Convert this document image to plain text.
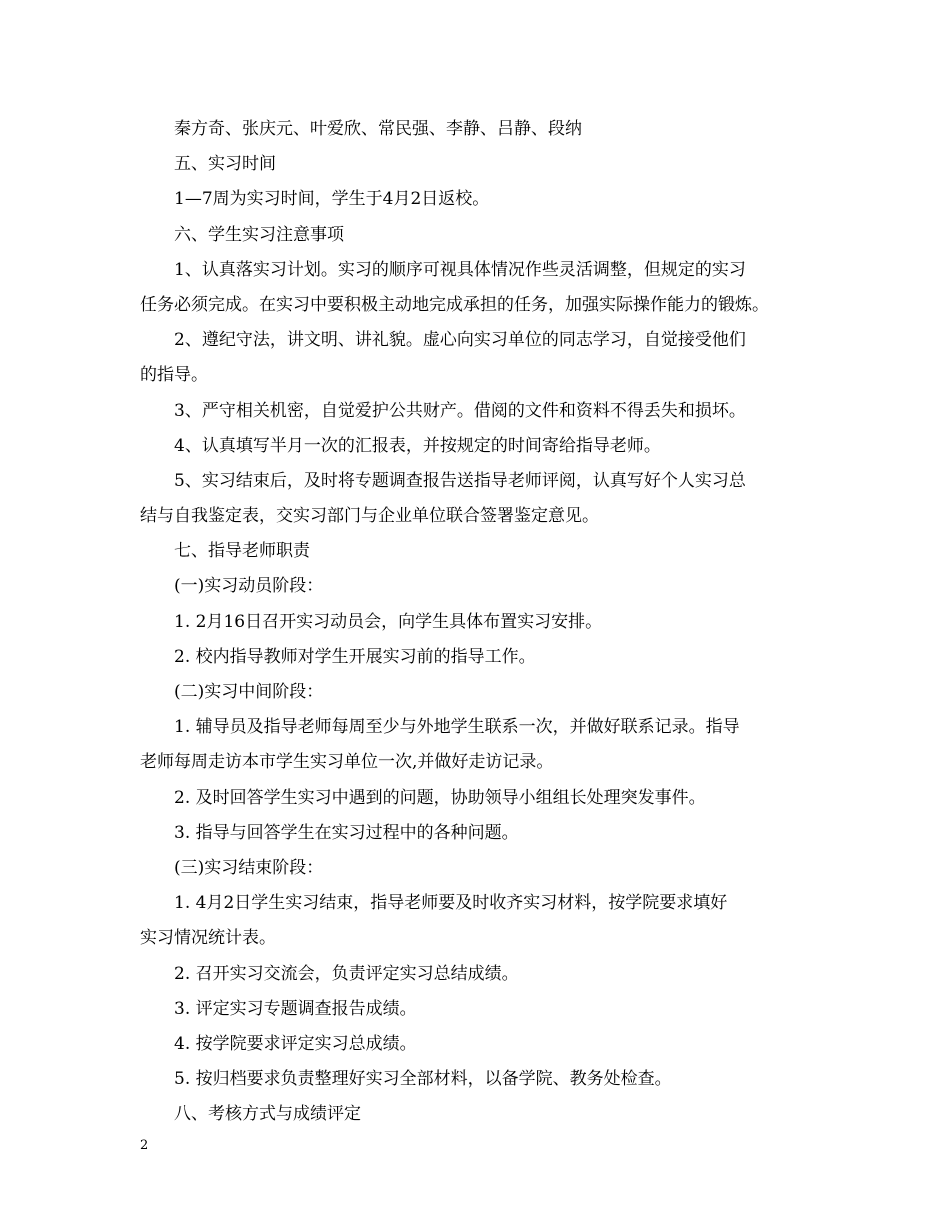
秦方奇、张庆元、叶爱欣、常民强、李静、吕静、段纳
五、实习时间
1—7周为实习时间，学生于4月2日返校。
六、学生实习注意事项
1、认真落实习计划。实习的顺序可视具体情况作些灵活调整，但规定的实习
任务必须完成。在实习中要积极主动地完成承担的任务，加强实际操作能力的锻炼。
2、遵纪守法，讲文明、讲礼貌。虚心向实习单位的同志学习，自觉接受他们
的指导。
3、严守相关机密，自觉爱护公共财产。借阅的文件和资料不得丢失和损坏。
4、认真填写半月一次的汇报表，并按规定的时间寄给指导老师。
5、实习结束后，及时将专题调查报告送指导老师评阅，认真写好个人实习总
结与自我鉴定表，交实习部门与企业单位联合签署鉴定意见。
七、指导老师职责
(一)实习动员阶段：
1. 2月16日召开实习动员会，向学生具体布置实习安排。
2. 校内指导教师对学生开展实习前的指导工作。
(二)实习中间阶段：
1. 辅导员及指导老师每周至少与外地学生联系一次，并做好联系记录。指导
老师每周走访本市学生实习单位一次,并做好走访记录。
2. 及时回答学生实习中遇到的问题，协助领导小组组长处理突发事件。
3. 指导与回答学生在实习过程中的各种问题。
(三)实习结束阶段：
1. 4月2日学生实习结束，指导老师要及时收齐实习材料，按学院要求填好
实习情况统计表。
2. 召开实习交流会，负责评定实习总结成绩。
3. 评定实习专题调查报告成绩。
4. 按学院要求评定实习总成绩。
5. 按归档要求负责整理好实习全部材料，以备学院、教务处检查。
八、考核方式与成绩评定
2
